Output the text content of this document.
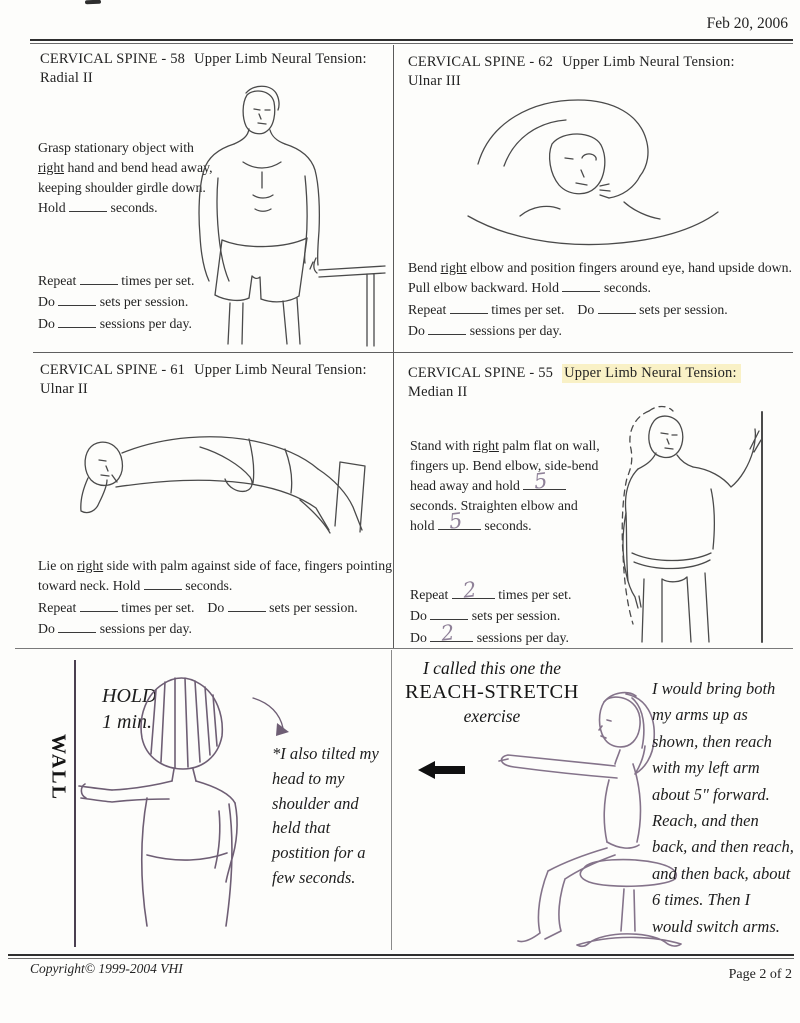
Feb 20, 2006
CERVICAL SPINE - 58 Upper Limb Neural Tension:
Radial II
Grasp stationary object with right hand and bend head away, keeping shoulder girdle down. Hold	seconds.
Repeat	times per set.
Do	sets per session.
Do	sessions per day.
CERVICAL SPINE - 62 Upper Limb Neural Tension:
Ulnar III
Bend right elbow and position fingers around eye, hand upside down. Pull elbow backward. Hold	seconds.
Repeat	times per set. Do	sets per session.
Do	sessions per day.
CERVICAL SPINE - 61 Upper Limb Neural Tension:
Ulnar II
Lie on right side with palm against side of face, fingers pointing toward neck. Hold	seconds.
Repeat	times per set. Do	sets per session.
Do	sessions per day.
CERVICAL SPINE - 55 Upper Limb Neural Tension:
Median II
Stand with right palm flat on wall, fingers up. Bend elbow, side-bend head away and hold 5
seconds. Straighten elbow and hold 5 seconds.
Repeat 2 times per set.
Do	sets per session.
Do 2 sessions per day.
WALL
HOLD
1 min.
*I also tilted my head to my shoulder and held that postition for a few seconds.
I called this one the
REACH-STRETCH
exercise
I would bring both my arms up as shown, then reach with my left arm about 5" forward. Reach, and then back, and then reach, and then back, about 6 times. Then I would switch arms.
Copyright© 1999-2004 VHI	Page 2 of 2
